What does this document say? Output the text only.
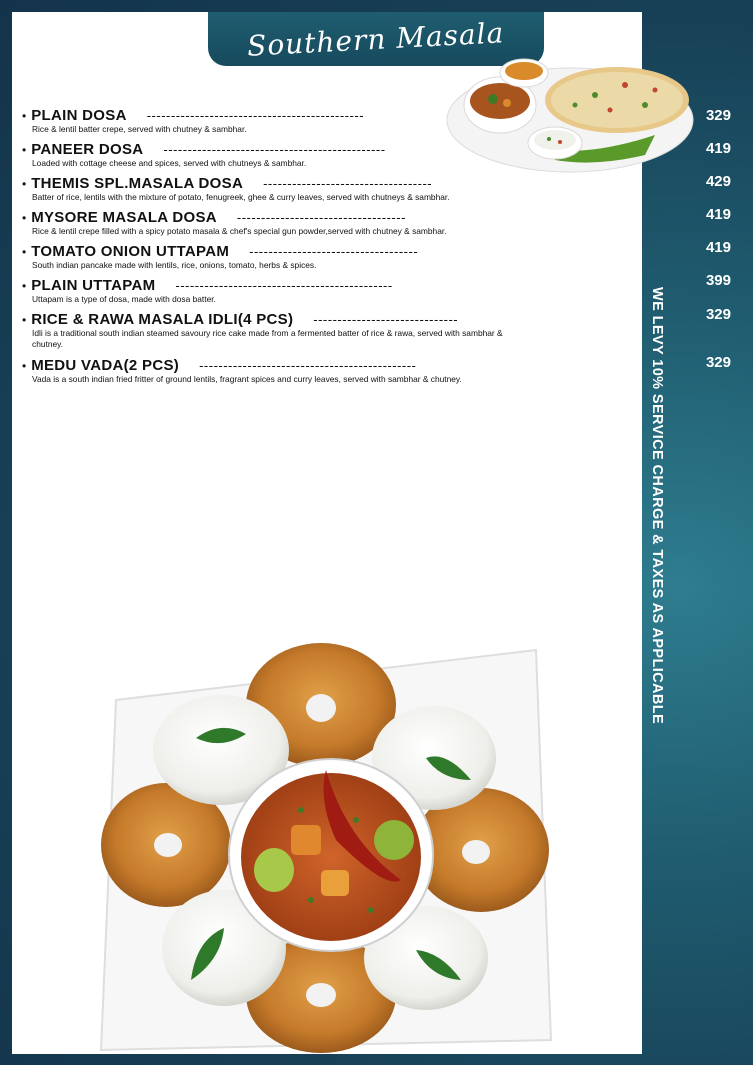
Southern Masala
• PLAIN DOSA ---------------------------------------------
Rice & lentil batter crepe, served with chutney & sambhar.
• PANEER DOSA ----------------------------------------------
Loaded with cottage cheese and spices, served with chutneys & sambhar.
• THEMIS SPL.MASALA DOSA -----------------------------------
Batter of rice, lentils with the mixture of potato, fenugreek, ghee & curry leaves, served with chutneys & sambhar.
• MYSORE MASALA DOSA -----------------------------------
Rice & lentil crepe filled with a spicy potato masala & chef's special gun powder,served with chutney & sambhar.
• TOMATO ONION UTTAPAM -----------------------------------
South indian pancake made with lentils, rice, onions, tomato, herbs & spices.
• PLAIN UTTAPAM ---------------------------------------------
Uttapam is a type of dosa, made with dosa batter.
• RICE & RAWA MASALA IDLI(4 PCS) ------------------------------
Idli is a traditional south indian steamed savoury rice cake made from a fermented batter of rice & rawa, served with sambhar & chutney.
• MEDU VADA(2 PCS) ---------------------------------------------
Vada is a south indian fried fritter of ground lentils, fragrant spices and curry leaves, served with sambhar & chutney.
329
419
429
419
419
399
329
329
WE LEVY 10% SERVICE CHARGE & TAXES AS APPLICABLE
